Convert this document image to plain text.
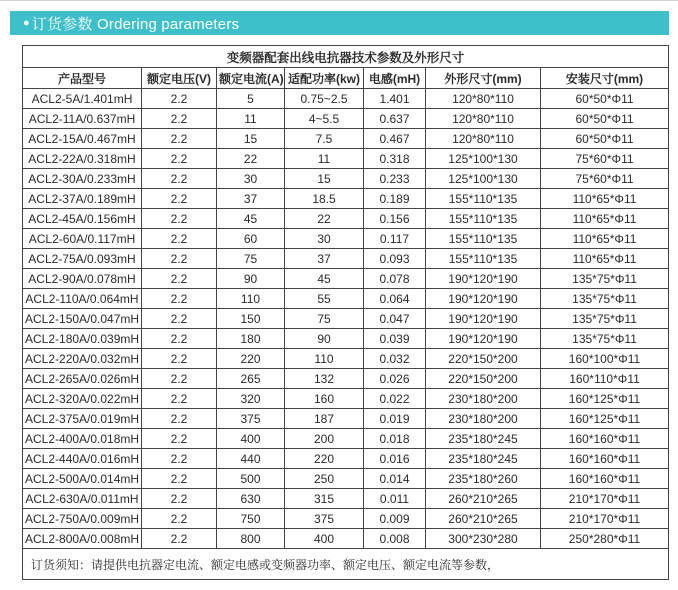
● 订货参数 Ordering parameters
变频器配套出线电抗器技术参数及外形尺寸						
产品型号	额定电压(V)	额定电流(A)	适配功率(kw)	电感(mH)	外形尺寸(mm)	安装尺寸(mm)
ACL2-5A/1.401mH	2.2	5	0.75~2.5	1.401	120*80*110	60*50*Φ11
ACL2-11A/0.637mH	2.2	11	4~5.5	0.637	120*80*110	60*50*Φ11
ACL2-15A/0.467mH	2.2	15	7.5	0.467	120*80*110	60*50*Φ11
ACL2-22A/0.318mH	2.2	22	11	0.318	125*100*130	75*60*Φ11
ACL2-30A/0.233mH	2.2	30	15	0.233	125*100*130	75*60*Φ11
ACL2-37A/0.189mH	2.2	37	18.5	0.189	155*110*135	110*65*Φ11
ACL2-45A/0.156mH	2.2	45	22	0.156	155*110*135	110*65*Φ11
ACL2-60A/0.117mH	2.2	60	30	0.117	155*110*135	110*65*Φ11
ACL2-75A/0.093mH	2.2	75	37	0.093	155*110*135	110*65*Φ11
ACL2-90A/0.078mH	2.2	90	45	0.078	190*120*190	135*75*Φ11
ACL2-110A/0.064mH	2.2	110	55	0.064	190*120*190	135*75*Φ11
ACL2-150A/0.047mH	2.2	150	75	0.047	190*120*190	135*75*Φ11
ACL2-180A/0.039mH	2.2	180	90	0.039	190*120*190	135*75*Φ11
ACL2-220A/0.032mH	2.2	220	110	0.032	220*150*200	160*100*Φ11
ACL2-265A/0.026mH	2.2	265	132	0.026	220*150*200	160*110*Φ11
ACL2-320A/0.022mH	2.2	320	160	0.022	230*180*200	160*125*Φ11
ACL2-375A/0.019mH	2.2	375	187	0.019	230*180*200	160*125*Φ11
ACL2-400A/0.018mH	2.2	400	200	0.018	235*180*245	160*160*Φ11
ACL2-440A/0.016mH	2.2	440	220	0.016	235*180*245	160*160*Φ11
ACL2-500A/0.014mH	2.2	500	250	0.014	235*180*260	160*160*Φ11
ACL2-630A/0.011mH	2.2	630	315	0.011	260*210*265	210*170*Φ11
ACL2-750A/0.009mH	2.2	750	375	0.009	260*210*265	210*170*Φ11
ACL2-800A/0.008mH	2.2	800	400	0.008	300*230*280	250*280*Φ11
订货须知：请提供电抗器定电流、额定电感或变频器功率、额定电压、额定电流等参数，						
